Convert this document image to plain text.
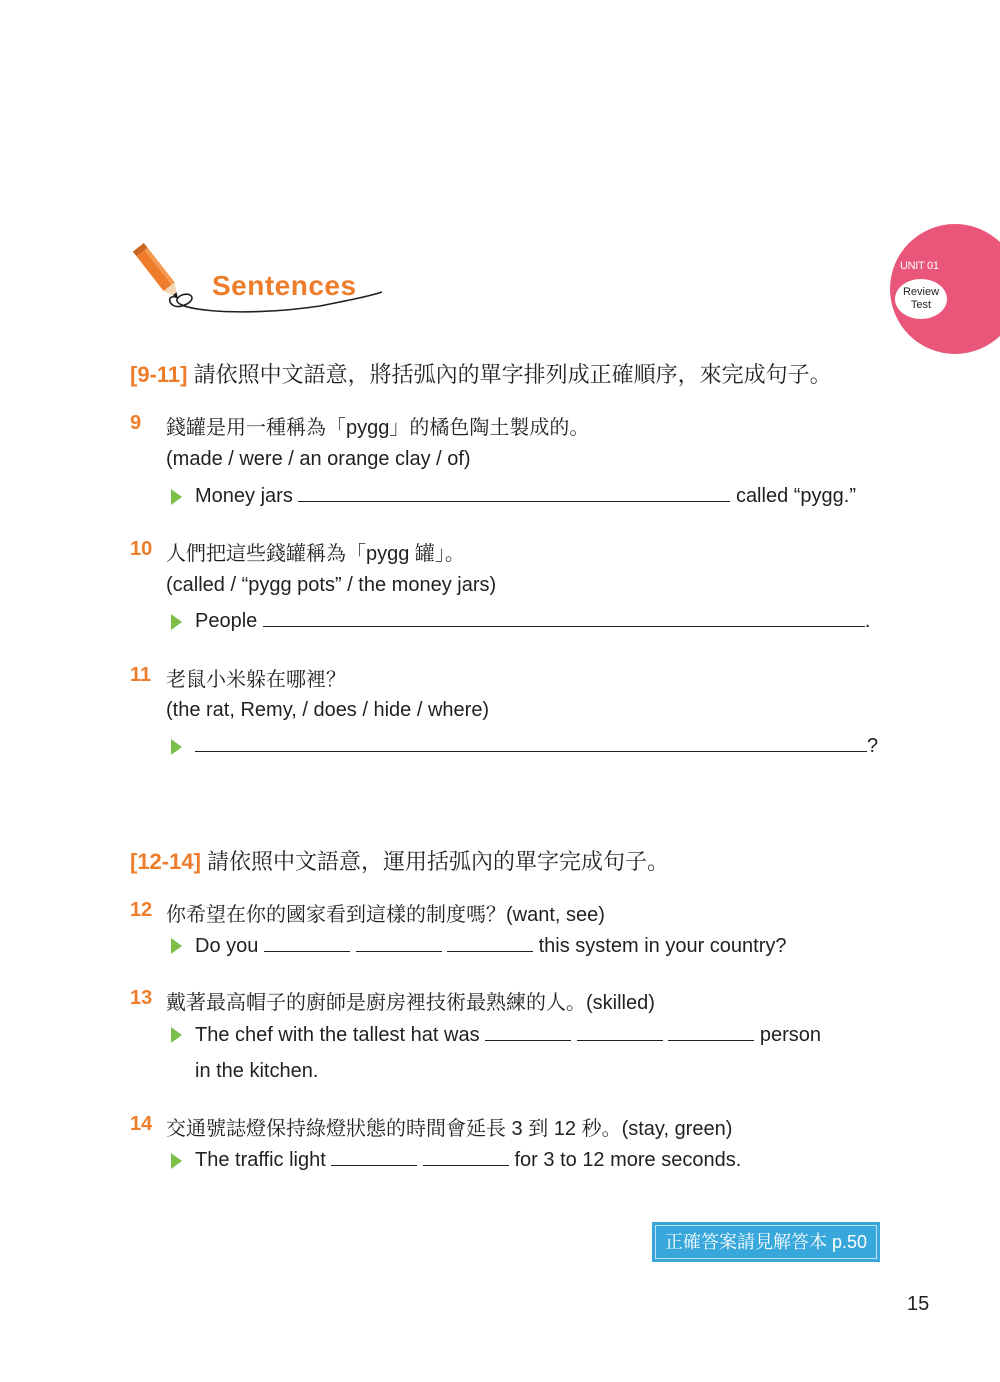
UNIT 01
Review
Test
Sentences
[9-11] 請依照中文語意，將括弧內的單字排列成正確順序，來完成句子。
9 錢罐是用一種稱為「pygg」的橘色陶土製成的。
(made / were / an orange clay / of)
Money jars	called “pygg.”
10 人們把這些錢罐稱為「pygg 罐」。
(called / “pygg pots” / the money jars)
People	.
11 老鼠小米躲在哪裡？
(the rat, Remy, / does / hide / where)
?
[12-14] 請依照中文語意，運用括弧內的單字完成句子。
12 你希望在你的國家看到這樣的制度嗎？(want, see)
Do you	this system in your country?
13 戴著最高帽子的廚師是廚房裡技術最熟練的人。(skilled)
The chef with the tallest hat was	person
in the kitchen.
14 交通號誌燈保持綠燈狀態的時間會延長 3 到 12 秒。(stay, green)
The traffic light	for 3 to 12 more seconds.
正確答案請見解答本 p.50
15
